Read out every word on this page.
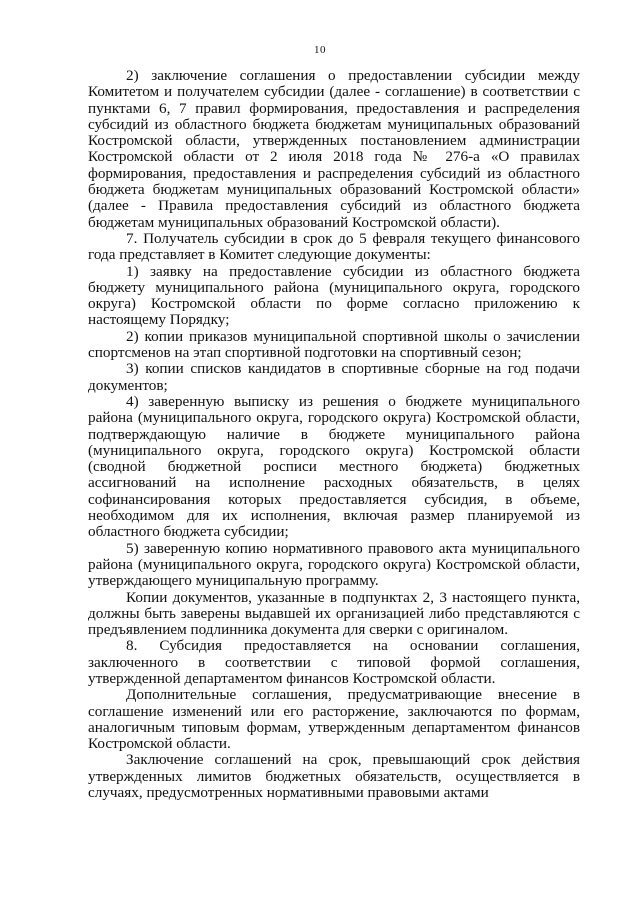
10

2) заключение соглашения о предоставлении субсидии между Комитетом и получателем субсидии (далее - соглашение) в соответствии с пунктами 6, 7 правил формирования, предоставления и распределения субсидий из областного бюджета бюджетам муниципальных образований Костромской области, утвержденных постановлением администрации Костромской области от 2 июля 2018 года № 276-а «О правилах формирования, предоставления и распределения субсидий из областного бюджета бюджетам муниципальных образований Костромской области» (далее - Правила предоставления субсидий из областного бюджета бюджетам муниципальных образований Костромской области).

7. Получатель субсидии в срок до 5 февраля текущего финансового года представляет в Комитет следующие документы:

1) заявку на предоставление субсидии из областного бюджета бюджету муниципального района (муниципального округа, городского округа) Костромской области по форме согласно приложению к настоящему Порядку;

2) копии приказов муниципальной спортивной школы о зачислении спортсменов на этап спортивной подготовки на спортивный сезон;

3) копии списков кандидатов в спортивные сборные на год подачи документов;

4) заверенную выписку из решения о бюджете муниципального района (муниципального округа, городского округа) Костромской области, подтверждающую наличие в бюджете муниципального района (муниципального округа, городского округа) Костромской области (сводной бюджетной росписи местного бюджета) бюджетных ассигнований на исполнение расходных обязательств, в целях софинансирования которых предоставляется субсидия, в объеме, необходимом для их исполнения, включая размер планируемой из областного бюджета субсидии;

5) заверенную копию нормативного правового акта муниципального района (муниципального округа, городского округа) Костромской области, утверждающего муниципальную программу.

Копии документов, указанные в подпунктах 2, 3 настоящего пункта, должны быть заверены выдавшей их организацией либо представляются с предъявлением подлинника документа для сверки с оригиналом.

8. Субсидия предоставляется на основании соглашения, заключенного в соответствии с типовой формой соглашения, утвержденной департаментом финансов Костромской области.

Дополнительные соглашения, предусматривающие внесение в соглашение изменений или его расторжение, заключаются по формам, аналогичным типовым формам, утвержденным департаментом финансов Костромской области.

Заключение соглашений на срок, превышающий срок действия утвержденных лимитов бюджетных обязательств, осуществляется в случаях, предусмотренных нормативными правовыми актами
